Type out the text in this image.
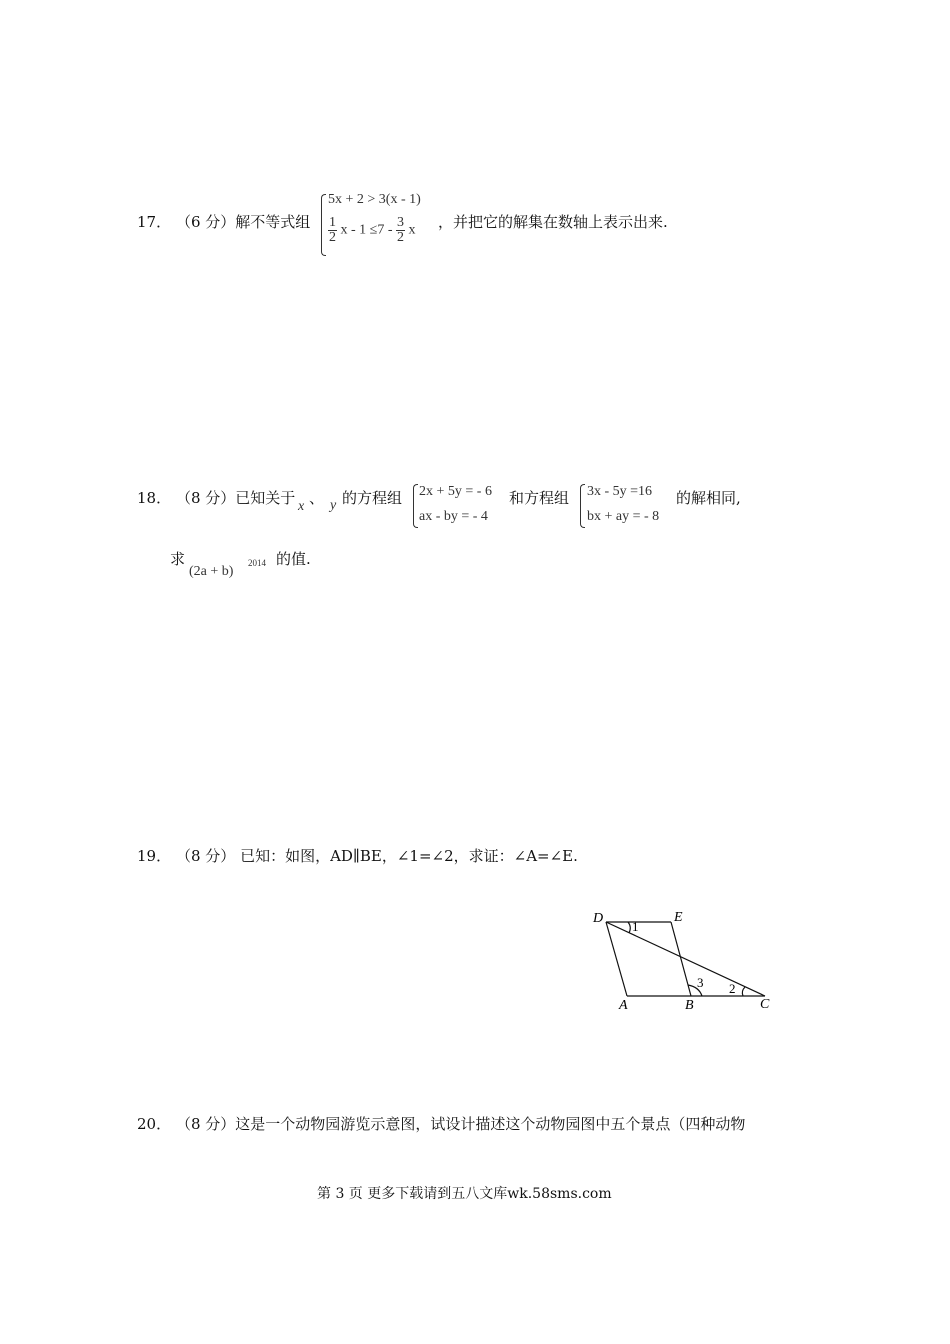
17． （6 分）解不等式组
5x + 2 > 3(x - 1)
$\frac{1}{2}$ $x - 1 \le 7 - \frac{3}{2}$ x ，并把它的解集在数轴上表示出来.
18． （8 分）已知关于 x 、 y 的方程组 2x + 5y = - 6
ax - by = - 4
和方程组 3x - 5y =16
bx + ay = - 8
的解相同,
求
(2a + b)
2014 的值.
19． （8 分） 已知：如图，AD∥BE，∠1=∠2，求证：∠A=∠E.
D	E
A	B	C
1
2
3
20． （8 分）这是一个动物园游览示意图，试设计描述这个动物园图中五个景点（四种动物
第 3 页 更多下载请到五八文库wk.58sms.com
